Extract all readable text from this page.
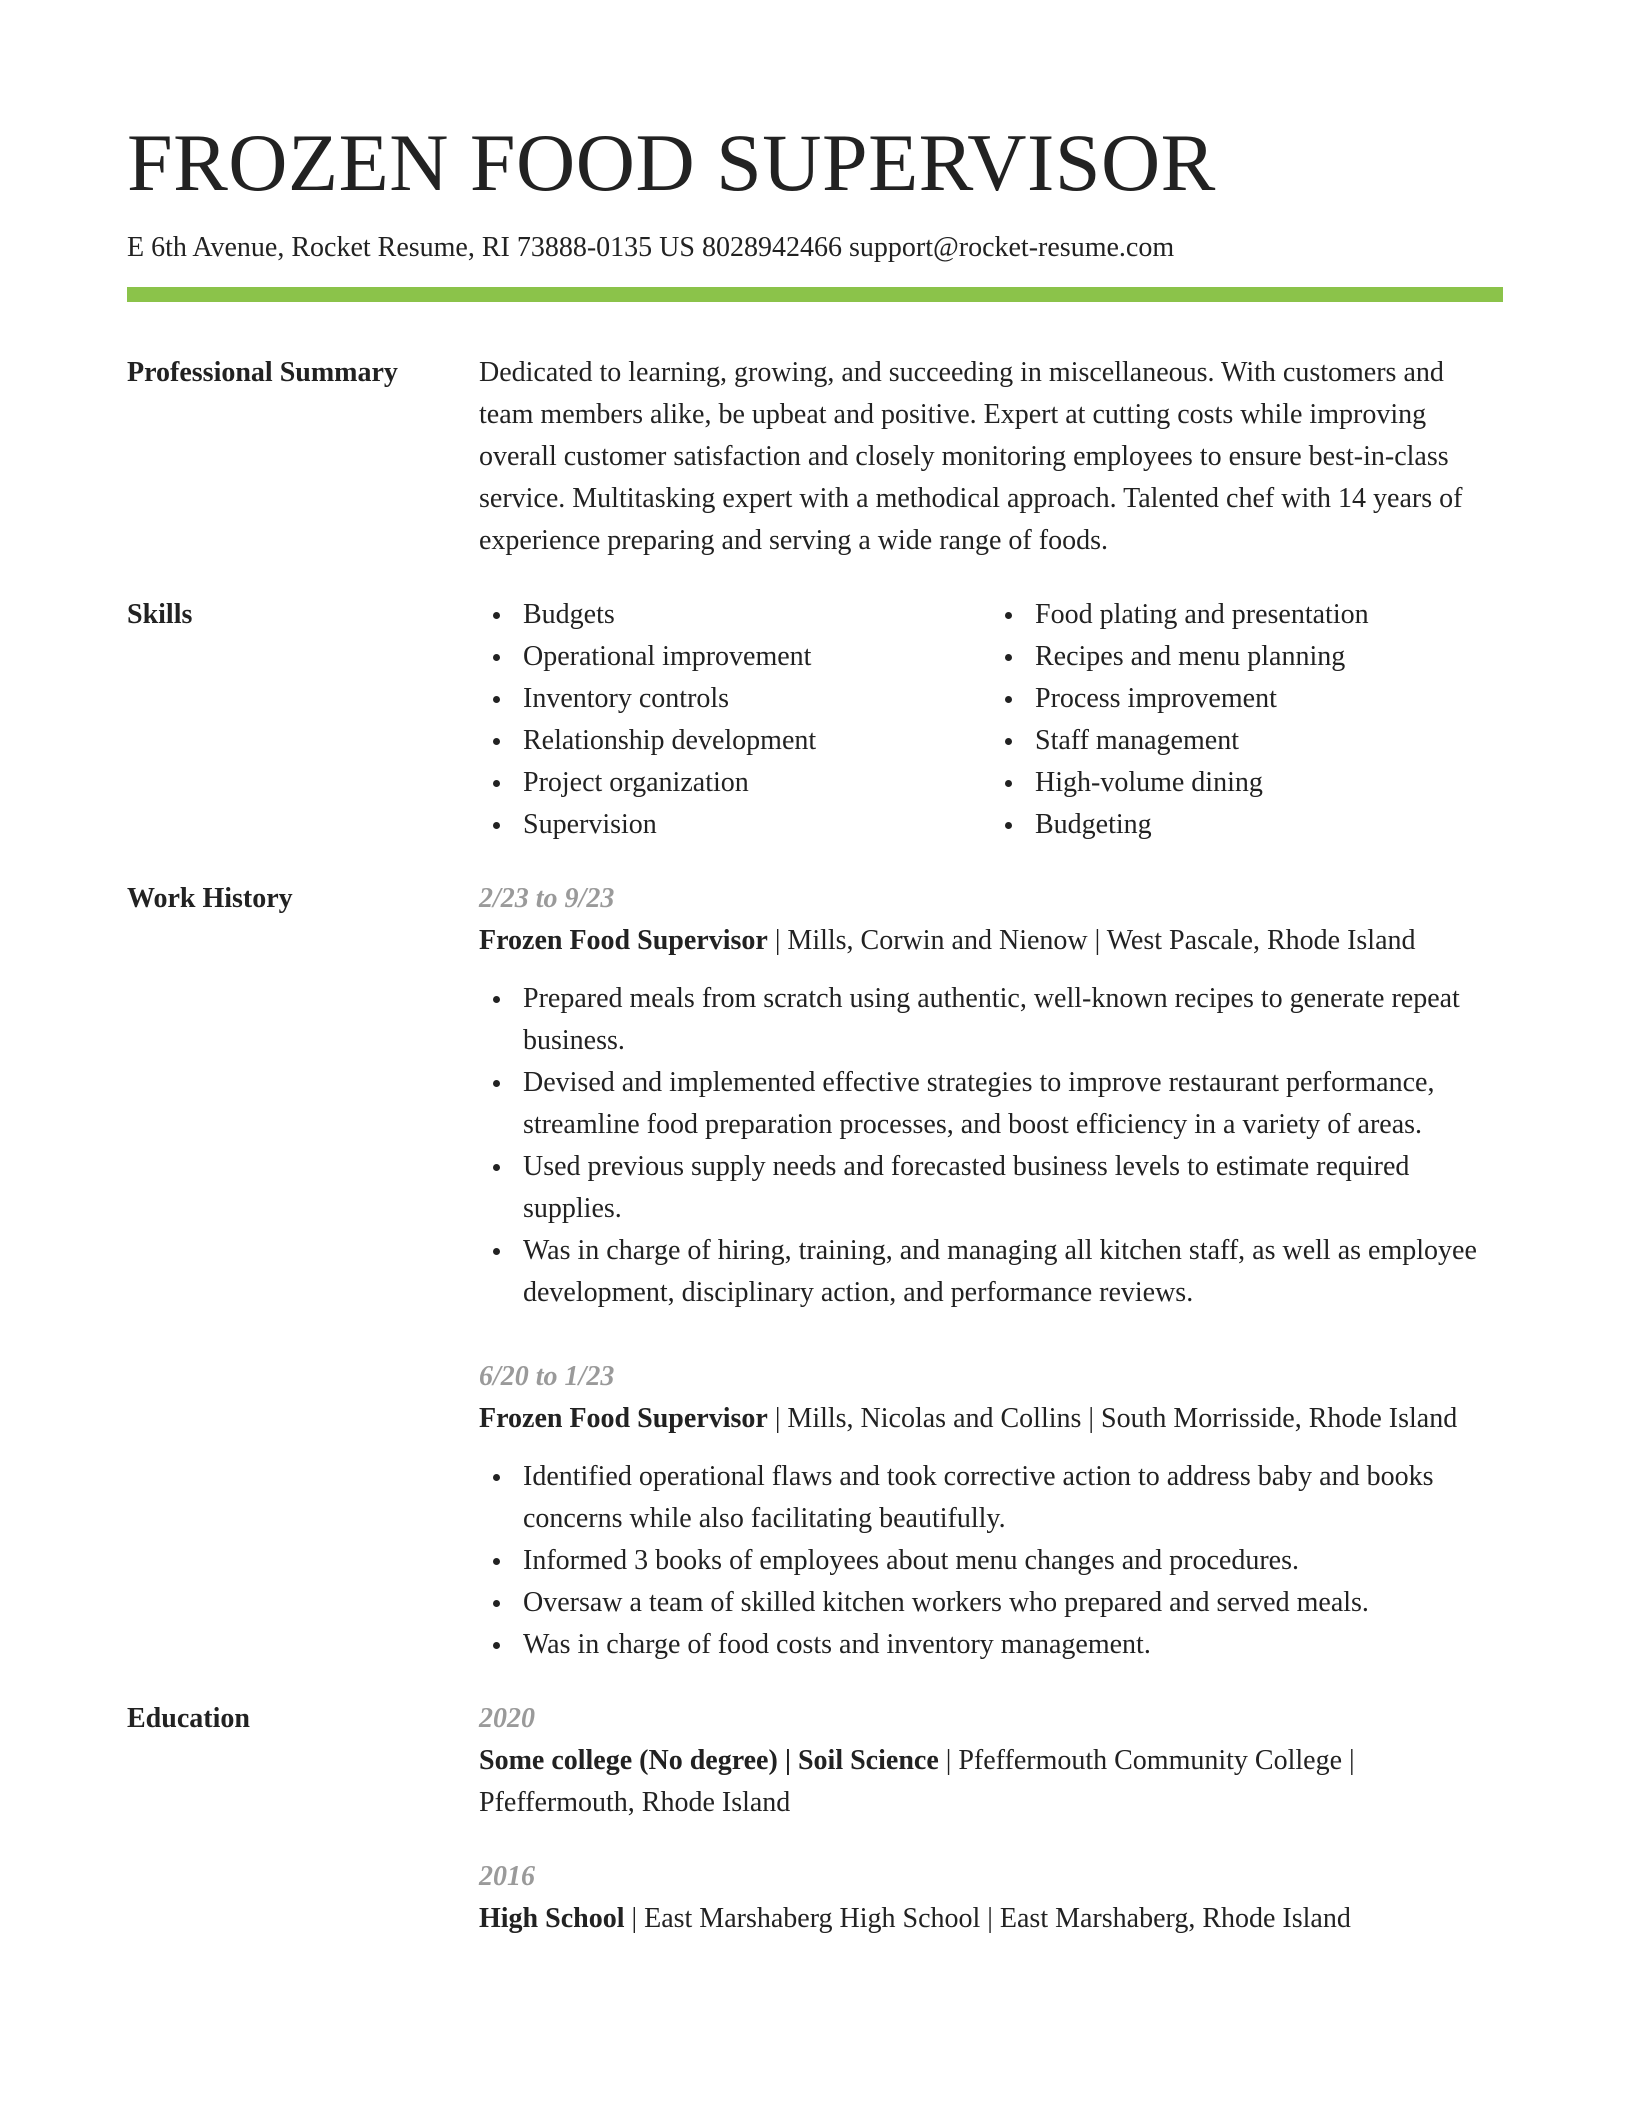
FROZEN FOOD SUPERVISOR
E 6th Avenue, Rocket Resume, RI 73888-0135 US 8028942466 support@rocket-resume.com
Professional Summary	Dedicated to learning, growing, and succeeding in miscellaneous. With customers and team members alike, be upbeat and positive. Expert at cutting costs while improving overall customer satisfaction and closely monitoring employees to ensure best-in-class service. Multitasking expert with a methodical approach. Talented chef with 14 years of experience preparing and serving a wide range of foods.
Skills	Budgets
Operational improvement
Inventory controls
Relationship development
Project organization
Supervision
Food plating and presentation
Recipes and menu planning
Process improvement
Staff management
High-volume dining
Budgeting
Work History	2/23 to 9/23
Frozen Food Supervisor | Mills, Corwin and Nienow | West Pascale, Rhode Island
Prepared meals from scratch using authentic, well-known recipes to generate repeat business.
Devised and implemented effective strategies to improve restaurant performance, streamline food preparation processes, and boost efficiency in a variety of areas.
Used previous supply needs and forecasted business levels to estimate required supplies.
Was in charge of hiring, training, and managing all kitchen staff, as well as employee development, disciplinary action, and performance reviews.
6/20 to 1/23
Frozen Food Supervisor | Mills, Nicolas and Collins | South Morrisside, Rhode Island
Identified operational flaws and took corrective action to address baby and books concerns while also facilitating beautifully.
Informed 3 books of employees about menu changes and procedures.
Oversaw a team of skilled kitchen workers who prepared and served meals.
Was in charge of food costs and inventory management.
Education	2020
Some college (No degree) | Soil Science | Pfeffermouth Community College | Pfeffermouth, Rhode Island
2016
High School | East Marshaberg High School | East Marshaberg, Rhode Island
